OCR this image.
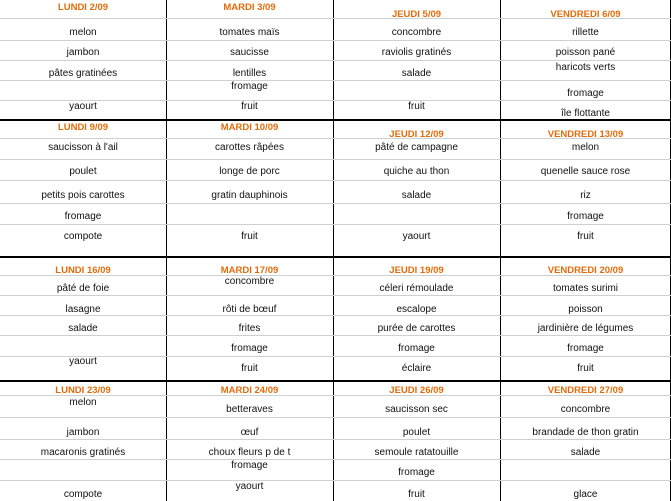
LUNDI 2/09
melon
jambon
pâtes gratinées
yaourt
MARDI 3/09
tomates maïs
saucisse
lentilles
fromage
fruit
JEUDI 5/09
concombre
raviolis gratinés
salade
fruit
VENDREDI 6/09
rillette
poisson pané
haricots verts
fromage
île flottante
LUNDI 9/09
saucisson à l'ail
poulet
petits pois carottes
fromage
compote
MARDI 10/09
carottes râpées
longe de porc
gratin dauphinois
fruit
JEUDI 12/09
pâté de campagne
quiche au thon
salade
yaourt
VENDREDI 13/09
melon
quenelle sauce rose
riz
fromage
fruit
LUNDI 16/09
pâté de foie
lasagne
salade
yaourt
MARDI 17/09
concombre
rôti de bœuf
frites
fromage
fruit
JEUDI 19/09
céleri rémoulade
escalope
purée de carottes
fromage
éclaire
VENDREDI 20/09
tomates surimi
poisson
jardinière de légumes
fromage
fruit
LUNDI 23/09
melon
jambon
macaronis gratinés
compote
MARDI 24/09
betteraves
œuf
choux fleurs p de t
fromage
yaourt
JEUDI 26/09
saucisson sec
poulet
semoule ratatouille
fromage
fruit
VENDREDI 27/09
concombre
brandade de thon gratin
salade
glace
